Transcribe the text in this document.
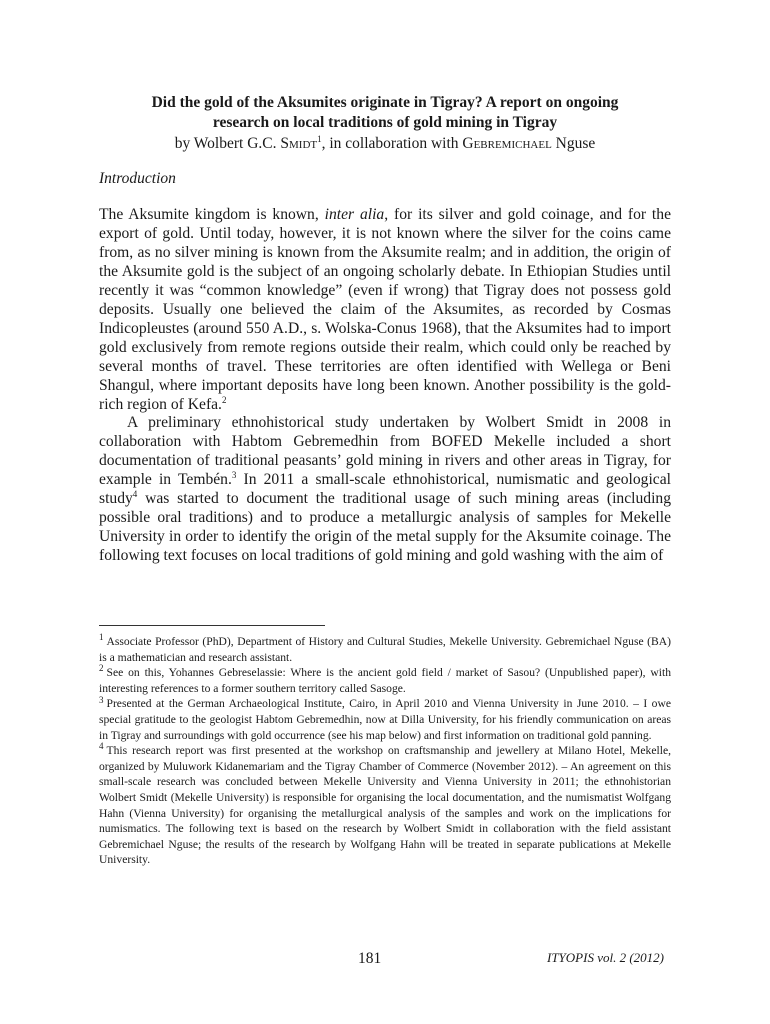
Did the gold of the Aksumites originate in Tigray? A report on ongoing
research on local traditions of gold mining in Tigray
by Wolbert G.C. Smidt$^1$, in collaboration with Gebremichael Nguse
Introduction

The Aksumite kingdom is known, inter alia, for its silver and gold coinage, and for the export of gold. Until today, however, it is not known where the silver for the coins came from, as no silver mining is known from the Aksumite realm; and in addition, the origin of the Aksumite gold is the subject of an ongoing scholarly debate. In Ethiopian Studies until recently it was “common knowledge” (even if wrong) that Tigray does not possess gold deposits. Usually one believed the claim of the Aksumites, as recorded by Cosmas Indicopleustes (around 550 A.D., s. Wolska-Conus 1968), that the Aksumites had to import gold exclusively from remote regions outside their realm, which could only be reached by several months of travel. These territories are often identified with Wellega or Beni Shangul, where important deposits have long been known. Another possibility is the gold-rich region of Kefa.$^2$

A preliminary ethnohistorical study undertaken by Wolbert Smidt in 2008 in collaboration with Habtom Gebremedhin from BOFED Mekelle included a short documentation of traditional peasants’ gold mining in rivers and other areas in Tigray, for example in Tembén.$^3$ In 2011 a small-scale ethnohistorical, numismatic and geological study$^4$ was started to document the traditional usage of such mining areas (including possible oral traditions) and to produce a metallurgic analysis of samples for Mekelle University in order to identify the origin of the metal supply for the Aksumite coinage. The following text focuses on local traditions of gold mining and gold washing with the aim of

$^1$ Associate Professor (PhD), Department of History and Cultural Studies, Mekelle University. Gebremichael Nguse (BA) is a mathematician and research assistant.

$^2$ See on this, Yohannes Gebreselassie: Where is the ancient gold field / market of Sasou? (Unpublished paper), with interesting references to a former southern territory called Sasoge.

$^3$ Presented at the German Archaeological Institute, Cairo, in April 2010 and Vienna University in June 2010. – I owe special gratitude to the geologist Habtom Gebremedhin, now at Dilla University, for his friendly communication on areas in Tigray and surroundings with gold occurrence (see his map below) and first information on traditional gold panning.

$^4$ This research report was first presented at the workshop on craftsmanship and jewellery at Milano Hotel, Mekelle, organized by Muluwork Kidanemariam and the Tigray Chamber of Commerce (November 2012). – An agreement on this small-scale research was concluded between Mekelle University and Vienna University in 2011; the ethnohistorian Wolbert Smidt (Mekelle University) is responsible for organising the local documentation, and the numismatist Wolfgang Hahn (Vienna University) for organising the metallurgical analysis of the samples and work on the implications for numismatics. The following text is based on the research by Wolbert Smidt in collaboration with the field assistant Gebremichael Nguse; the results of the research by Wolfgang Hahn will be treated in separate publications at Mekelle University.

181	ITYOPIS vol. 2 (2012)
